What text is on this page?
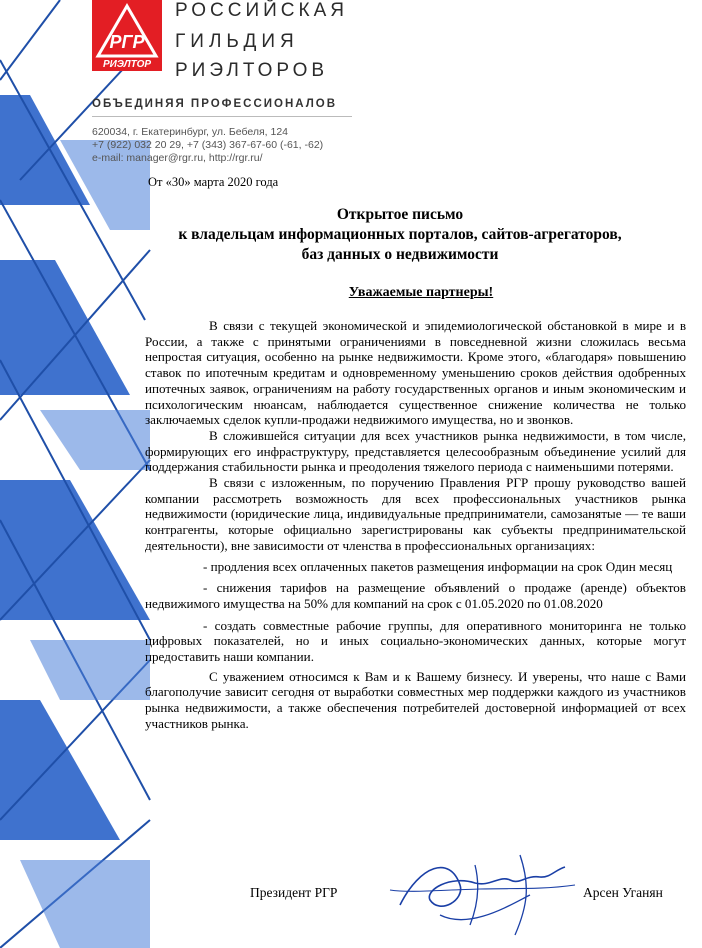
РГР
РИЭЛТОР
РОССИЙСКАЯ
ГИЛЬДИЯ
РИЭЛТОРОВ
ОБЪЕДИНЯЯ ПРОФЕССИОНАЛОВ
620034, г. Екатеринбург, ул. Бебеля, 124
+7 (922) 032 20 29, +7 (343) 367-67-60 (-61, -62)
e-mail: manager@rgr.ru, http://rgr.ru/
От «30» марта 2020 года
Открытое письмо
к владельцам информационных порталов, сайтов-агрегаторов,
баз данных о недвижимости
Уважаемые партнеры!

В связи с текущей экономической и эпидемиологической обстановкой в мире и в России, а также с принятыми ограничениями в повседневной жизни сложилась весьма непростая ситуация, особенно на рынке недвижимости. Кроме этого, «благодаря» повышению ставок по ипотечным кредитам и одновременному уменьшению сроков действия одобренных ипотечных заявок, ограничениям на работу государственных органов и иным экономическим и психологическим нюансам, наблюдается существенное снижение количества не только заключаемых сделок купли-продажи недвижимого имущества, но и звонков.

В сложившейся ситуации для всех участников рынка недвижимости, в том числе, формирующих его инфраструктуру, представляется целесообразным объединение усилий для поддержания стабильности рынка и преодоления тяжелого периода с наименьшими потерями.

В связи с изложенным, по поручению Правления РГР прошу руководство вашей компании рассмотреть возможность для всех профессиональных участников рынка недвижимости (юридические лица, индивидуальные предприниматели, самозанятые — те ваши контрагенты, которые официально зарегистрированы как субъекты предпринимательской деятельности), вне зависимости от членства в профессиональных организациях:

- продления всех оплаченных пакетов размещения информации на срок Один месяц

- снижения тарифов на размещение объявлений о продаже (аренде) объектов недвижимого имущества на 50% для компаний на срок с 01.05.2020 по 01.08.2020

- создать совместные рабочие группы, для оперативного мониторинга не только цифровых показателей, но и иных социально-экономических данных, которые могут предоставить наши компании.

С уважением относимся к Вам и к Вашему бизнесу. И уверены, что наше с Вами благополучие зависит сегодня от выработки совместных мер поддержки каждого из участников рынка недвижимости, а также обеспечения потребителей достоверной информацией от всех участников рынка.

Президент РГР	Арсен Уганян
